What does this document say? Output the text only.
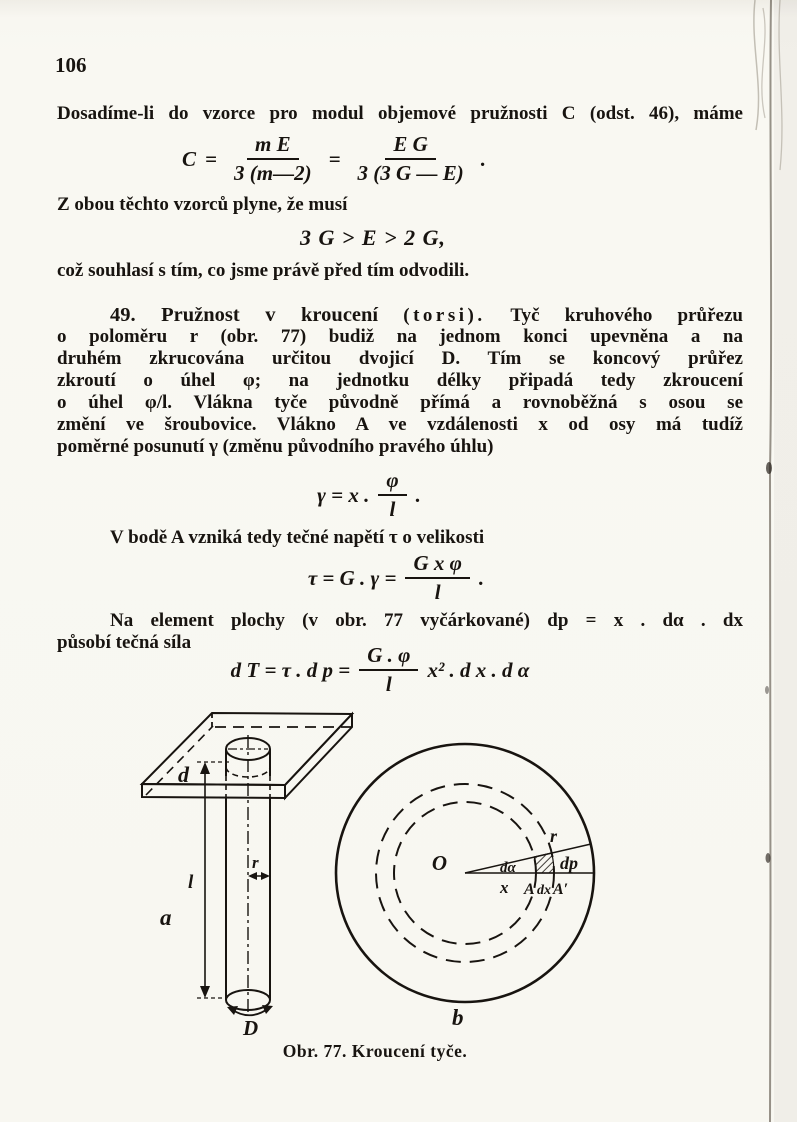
106
Dosadíme-li do vzorce pro modul objemové pružnosti C (odst. 46), máme
$C = \frac{\text{m E}}{3 (m—2)} = \frac{\text{E G}}{3 (3 G — E)}$ .
Z obou těchto vzorců plyne, že musí
3 G > E > 2 G,
což souhlasí s tím, co jsme právě před tím odvodili.
49. Pružnost v kroucení (torsi). Tyč kruhového průřezu
o poloměru r (obr. 77) budiž na jednom konci upevněna a na
druhém zkrucována určitou dvojicí D. Tím se koncový průřez
zkroutí o úhel φ; na jednotku délky připadá tedy zkroucení
o úhel φ/l. Vlákna tyče původně přímá a rovnoběžná s osou se
změní ve šroubovice. Vlákno A ve vzdálenosti x od osy má tudíž
poměrné posunutí γ (změnu původního pravého úhlu)
γ = x . $\frac{\varphi}{l}$ .
V bodě A vzniká tedy tečné napětí τ o velikosti
τ = G . $\gamma = \frac{\text{G x φ}}{l}$ .
Na element plochy (v obr. 77 vyčárkované) dp = x . dα . dx
působí tečná síla
d T = τ . d $p = \frac{G . \varphi}{l} x^2$ . d x . d α
d
l
r
a
D
O	dα
r
dp
x A dx A′
b
Obr. 77. Kroucení tyče.
